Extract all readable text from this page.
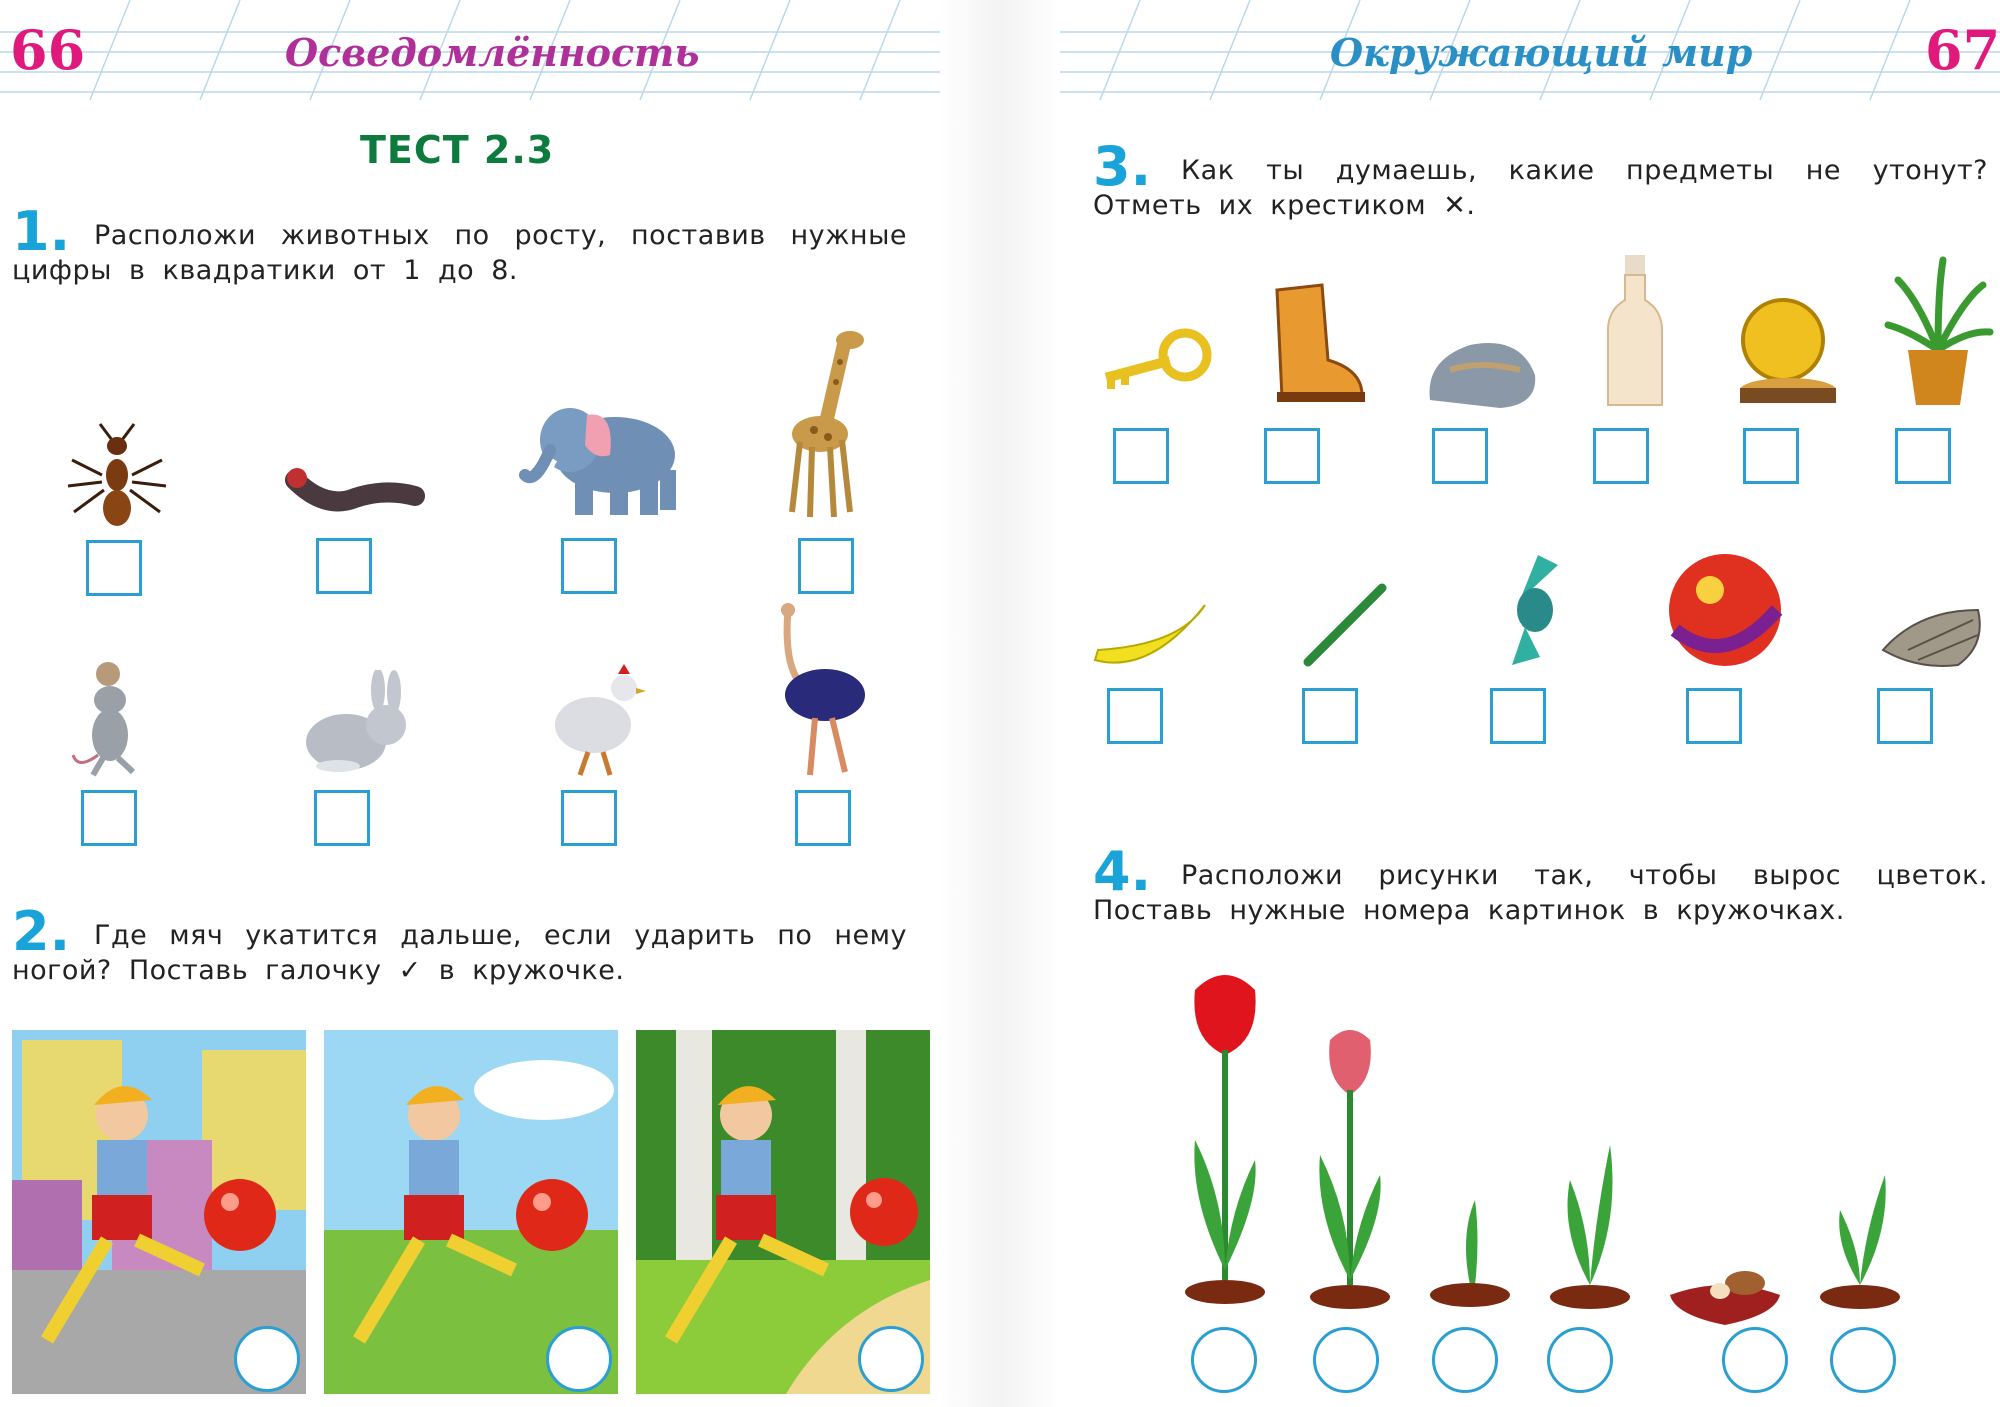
66	Осведомлённость
ТЕСТ 2.3
1. Расположи животных по росту, поставив нужные цифры в квадратики от 1 до 8.
2. Где мяч укатится дальше, если ударить по нему ногой? Поставь галочку ✓ в кружочке.
Окружающий мир	67
3.	Как ты думаешь, какие предметы не утонут? Отметь их крестиком ✕.
4.	Расположи рисунки так, чтобы вырос цветок. Поставь нужные номера картинок в кружочках.
